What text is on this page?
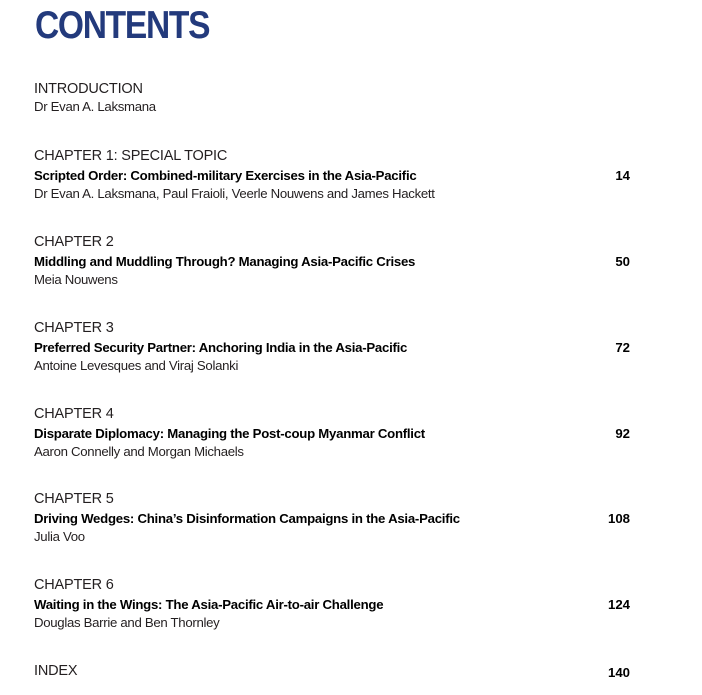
CONTENTS
INTRODUCTION
Dr Evan A. Laksmana
CHAPTER 1: SPECIAL TOPIC
Scripted Order: Combined-military Exercises in the Asia-Pacific	14
Dr Evan A. Laksmana, Paul Fraioli, Veerle Nouwens and James Hackett
CHAPTER 2
Middling and Muddling Through? Managing Asia-Pacific Crises	50
Meia Nouwens
CHAPTER 3
Preferred Security Partner: Anchoring India in the Asia-Pacific	72
Antoine Levesques and Viraj Solanki
CHAPTER 4
Disparate Diplomacy: Managing the Post-coup Myanmar Conflict	92
Aaron Connelly and Morgan Michaels
CHAPTER 5
Driving Wedges: China’s Disinformation Campaigns in the Asia-Pacific	108
Julia Voo
CHAPTER 6
Waiting in the Wings: The Asia-Pacific Air-to-air Challenge	124
Douglas Barrie and Ben Thornley
INDEX	140
